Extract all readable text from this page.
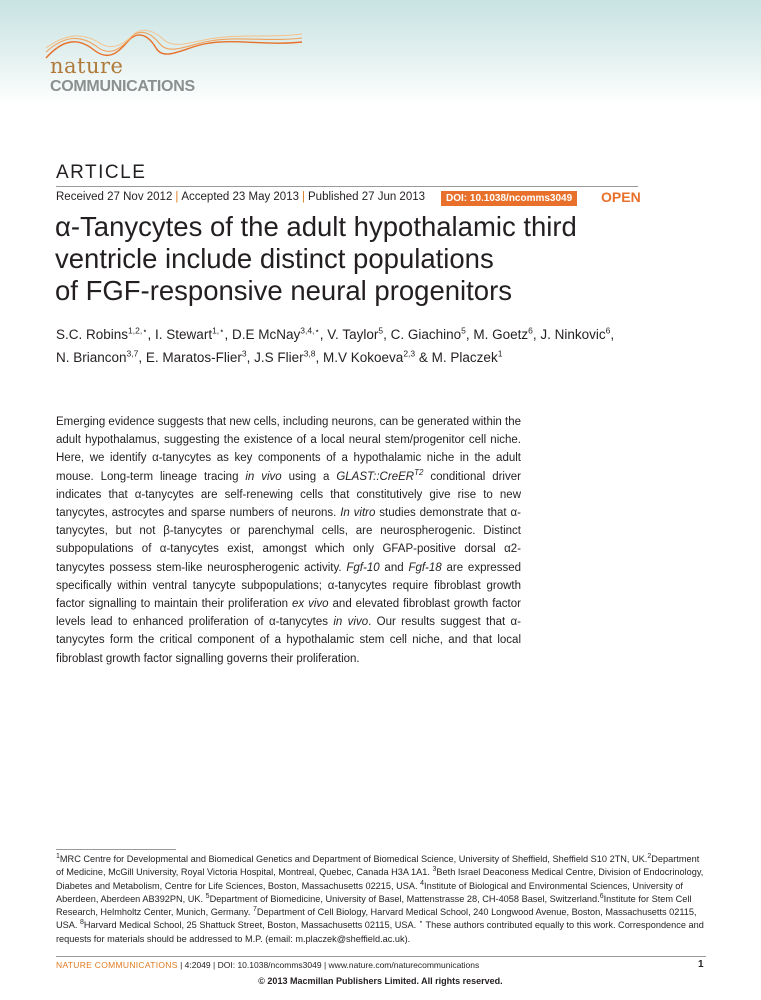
nature
COMMUNICATIONS
ARTICLE
Received 27 Nov 2012 | Accepted 23 May 2013 | Published 27 Jun 2013	DOI: 10.1038/ncomms3049	OPEN
α-Tanycytes of the adult hypothalamic third
ventricle include distinct populations
of FGF-responsive neural progenitors
S.C. Robins$^{1,2,⋆}$, I. Stewart$^{1,⋆}$, D.E McNay$^{3,4,⋆}$, V. Taylor$^5$, C. Giachino$^5$, M. Goetz$^6$, J. Ninkovic$^6$, N. Briancon$^{3,7}$, E. Maratos-Flier$^3$, J.S Flier$^{3,8}$, M.V Kokoeva$^{2,3}$ & M. Placzek$^1$

Emerging evidence suggests that new cells, including neurons, can be generated within the adult hypothalamus, suggesting the existence of a local neural stem/progenitor cell niche. Here, we identify α-tanycytes as key components of a hypothalamic niche in the adult mouse. Long-term lineage tracing in vivo using a GLAST::CreER$^{T2}$ conditional driver indicates that α-tanycytes are self-renewing cells that constitutively give rise to new tanycytes, astrocytes and sparse numbers of neurons. In vitro studies demonstrate that α-tanycytes, but not β-tanycytes or parenchymal cells, are neurospherogenic. Distinct subpopulations of α-tanycytes exist, amongst which only GFAP-positive dorsal α2-tanycytes possess stem-like neurospherogenic activity. Fgf-10 and Fgf-18 are expressed specifically within ventral tanycyte subpopulations; α-tanycytes require fibroblast growth factor signalling to maintain their proliferation ex vivo and elevated fibroblast growth factor levels lead to enhanced proliferation of α-tanycytes in vivo. Our results suggest that α-tanycytes form the critical component of a hypothalamic stem cell niche, and that local fibroblast growth factor signalling governs their proliferation.

$^1$MRC Centre for Developmental and Biomedical Genetics and Department of Biomedical Science, University of Sheffield, Sheffield S10 2TN, UK.$^2$Department of Medicine, McGill University, Royal Victoria Hospital, Montreal, Quebec, Canada H3A 1A1. $^3$Beth Israel Deaconess Medical Centre, Division of Endocrinology, Diabetes and Metabolism, Centre for Life Sciences, Boston, Massachusetts 02215, USA. $^4$Institute of Biological and Environmental Sciences, University of Aberdeen, Aberdeen AB392PN, UK. $^5$Department of Biomedicine, University of Basel, Mattenstrasse 28, CH-4058 Basel, Switzerland.$^6$Institute for Stem Cell Research, Helmholtz Center, Munich, Germany. $^7$Department of Cell Biology, Harvard Medical School, 240 Longwood Avenue, Boston, Massachusetts 02115, USA. $^8$Harvard Medical School, 25 Shattuck Street, Boston, Massachusetts 02115, USA. ⋆ These authors contributed equally to this work. Correspondence and requests for materials should be addressed to M.P. (email: m.placzek@sheffield.ac.uk).
NATURE COMMUNICATIONS | 4:2049 | DOI: 10.1038/ncomms3049 | www.nature.com/naturecommunications	1
© 2013 Macmillan Publishers Limited. All rights reserved.
